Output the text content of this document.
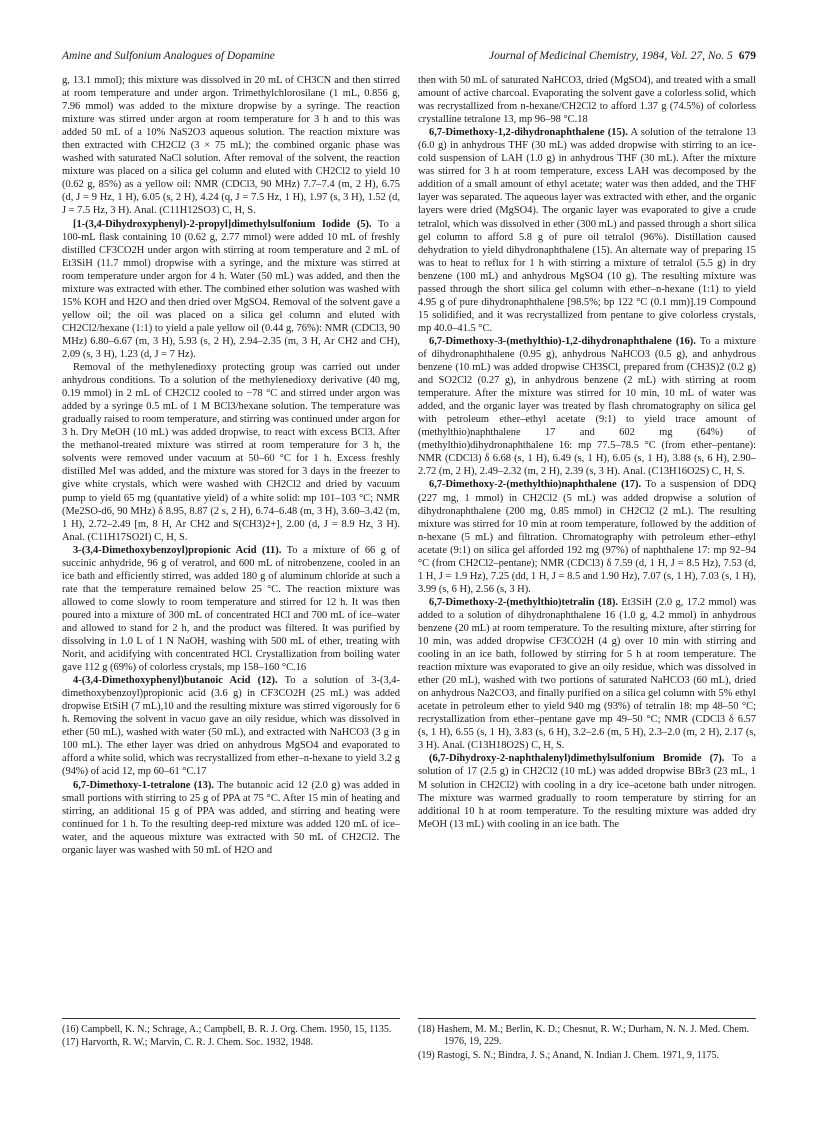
Amine and Sulfonium Analogues of Dopamine	Journal of Medicinal Chemistry, 1984, Vol. 27, No. 5 679

g, 13.1 mmol); this mixture was dissolved in 20 mL of CH3CN and then stirred at room temperature and under argon. Trimethylchlorosilane (1 mL, 0.856 g, 7.96 mmol) was added to the mixture dropwise by a syringe. The reaction mixture was stirred under argon at room temperature for 3 h and to this was added 50 mL of a 10% NaS2O3 aqueous solution. The reaction mixture was then extracted with CH2Cl2 (3 × 75 mL); the combined organic phase was washed with saturated NaCl solution. After removal of the solvent, the reaction mixture was placed on a silica gel column and eluted with CH2Cl2 to yield 10 (0.62 g, 85%) as a yellow oil: NMR (CDCl3, 90 MHz) 7.7–7.4 (m, 2 H), 6.75 (d, J = 9 Hz, 1 H), 6.05 (s, 2 H), 4.24 (q, J = 7.5 Hz, 1 H), 1.97 (s, 3 H), 1.52 (d, J = 7.5 Hz, 3 H). Anal. (C11H12SO3) C, H, S.

[1-(3,4-Dihydroxyphenyl)-2-propyl]dimethylsulfonium Iodide (5). To a 100-mL flask containing 10 (0.62 g, 2.77 mmol) were added 10 mL of freshly distilled CF3CO2H under argon with stirring at room temperature and 2 mL of Et3SiH (11.7 mmol) dropwise with a syringe, and the mixture was stirred at room temperature under argon for 4 h. Water (50 mL) was added, and then the mixture was extracted with ether. The combined ether solution was washed with 15% KOH and H2O and then dried over MgSO4. Removal of the solvent gave a yellow oil; the oil was placed on a silica gel column and eluted with CH2Cl2/hexane (1:1) to yield a pale yellow oil (0.44 g, 76%): NMR (CDCl3, 90 MHz) 6.80–6.67 (m, 3 H), 5.93 (s, 2 H), 2.94–2.35 (m, 3 H, Ar CH2 and CH), 2.09 (s, 3 H), 1.23 (d, J = 7 Hz).

Removal of the methylenedioxy protecting group was carried out under anhydrous conditions. To a solution of the methylenedioxy derivative (40 mg, 0.19 mmol) in 2 mL of CH2Cl2 cooled to −78 °C and stirred under argon was added by a syringe 0.5 mL of 1 M BCl3/hexane solution. The temperature was gradually raised to room temperature, and stirring was continued under argon for 3 h. Dry MeOH (10 mL) was added dropwise, to react with excess BCl3. After the methanol-treated mixture was stirred at room temperature for 3 h, the solvents were removed under vacuum at 50–60 °C for 1 h. Excess freshly distilled MeI was added, and the mixture was stored for 3 days in the freezer to give white crystals, which were washed with CH2Cl2 and dried by vacuum pump to yield 65 mg (quantative yield) of a white solid: mp 101–103 °C; NMR (Me2SO-d6, 90 MHz) δ 8.95, 8.87 (2 s, 2 H), 6.74–6.48 (m, 3 H), 3.60–3.42 (m, 1 H), 2.72–2.49 [m, 8 H, Ar CH2 and S(CH3)2+], 2.00 (d, J = 8.9 Hz, 3 H). Anal. (C11H17SO2I) C, H, S.

3-(3,4-Dimethoxybenzoyl)propionic Acid (11). To a mixture of 66 g of succinic anhydride, 96 g of veratrol, and 600 mL of nitrobenzene, cooled in an ice bath and efficiently stirred, was added 180 g of aluminum chloride at such a rate that the temperature remained below 25 °C. The reaction mixture was allowed to come slowly to room temperature and stirred for 12 h. It was then poured into a mixture of 300 mL of concentrated HCl and 700 mL of ice–water and allowed to stand for 2 h, and the product was filtered. It was purified by dissolving in 1.0 L of 1 N NaOH, washing with 500 mL of ether, treating with Norit, and acidifying with concentrated HCl. Crystallization from boiling water gave 112 g (69%) of colorless crystals, mp 158–160 °C.16

4-(3,4-Dimethoxyphenyl)butanoic Acid (12). To a solution of 3-(3,4-dimethoxybenzoyl)propionic acid (3.6 g) in CF3CO2H (25 mL) was added dropwise EtSiH (7 mL),10 and the resulting mixture was stirred vigorously for 6 h. Removing the solvent in vacuo gave an oily residue, which was dissolved in ether (50 mL), washed with water (50 mL), and extracted with NaHCO3 (3 g in 100 mL). The ether layer was dried on anhydrous MgSO4 and evaporated to afford a white solid, which was recrystallized from ether–n-hexane to yield 3.2 g (94%) of acid 12, mp 60–61 °C.17

6,7-Dimethoxy-1-tetralone (13). The butanoic acid 12 (2.0 g) was added in small portions with stirring to 25 g of PPA at 75 °C. After 15 min of heating and stirring, an additional 15 g of PPA was added, and stirring and heating were continued for 1 h. To the resulting deep-red mixture was added 120 mL of ice–water, and the aqueous mixture was extracted with 50 mL of CH2Cl2. The organic layer was washed with 50 mL of H2O and

then with 50 mL of saturated NaHCO3, dried (MgSO4), and treated with a small amount of active charcoal. Evaporating the solvent gave a colorless solid, which was recrystallized from n-hexane/CH2Cl2 to afford 1.37 g (74.5%) of colorless crystalline tetralone 13, mp 96–98 °C.18

6,7-Dimethoxy-1,2-dihydronaphthalene (15). A solution of the tetralone 13 (6.0 g) in anhydrous THF (30 mL) was added dropwise with stirring to an ice-cold suspension of LAH (1.0 g) in anhydrous THF (30 mL). After the mixture was stirred for 3 h at room temperature, excess LAH was decomposed by the addition of a small amount of ethyl acetate; water was then added, and the THF layer was separated. The aqueous layer was extracted with ether, and the organic layers were dried (MgSO4). The organic layer was evaporated to give a crude tetralol, which was dissolved in ether (300 mL) and passed through a short silica gel column to afford 5.8 g of pure oil tetralol (96%). Distillation caused dehydration to yield dihydronaphthalene (15). An alternate way of preparing 15 was to heat to reflux for 1 h with stirring a mixture of tetralol (5.5 g) in dry benzene (100 mL) and anhydrous MgSO4 (10 g). The resulting mixture was passed through the short silica gel column with ether–n-hexane (1:1) to yield 4.95 g of pure dihydronaphthalene [98.5%; bp 122 °C (0.1 mm)].19 Compound 15 solidified, and it was recrystallized from pentane to give colorless crystals, mp 40.0–41.5 °C.

6,7-Dimethoxy-3-(methylthio)-1,2-dihydronaphthalene (16). To a mixture of dihydronaphthalene (0.95 g), anhydrous NaHCO3 (0.5 g), and anhydrous benzene (10 mL) was added dropwise CH3SCl, prepared from (CH3S)2 (0.2 g) and SO2Cl2 (0.27 g), in anhydrous benzene (2 mL) with stirring at room temperature. After the mixture was stirred for 10 min, 10 mL of water was added, and the organic layer was treated by flash chromatography on silica gel with petroleum ether–ethyl acetate (9:1) to yield trace amount of (methylthio)naphthalene 17 and 602 mg (64%) of (methylthio)dihydronaphthalene 16: mp 77.5–78.5 °C (from ether–pentane): NMR (CDCl3) δ 6.68 (s, 1 H), 6.49 (s, 1 H), 6.05 (s, 1 H), 3.88 (s, 6 H), 2.90–2.72 (m, 2 H), 2.49–2.32 (m, 2 H), 2.39 (s, 3 H). Anal. (C13H16O2S) C, H, S.

6,7-Dimethoxy-2-(methylthio)naphthalene (17). To a suspension of DDQ (227 mg, 1 mmol) in CH2Cl2 (5 mL) was added dropwise a solution of dihydronaphthalene (200 mg, 0.85 mmol) in CH2Cl2 (2 mL). The resulting mixture was stirred for 10 min at room temperature, followed by the addition of n-hexane (5 mL) and filtration. Chromatography with petroleum ether–ethyl acetate (9:1) on silica gel afforded 192 mg (97%) of naphthalene 17: mp 92–94 °C (from CH2Cl2–pentane); NMR (CDCl3) δ 7.59 (d, 1 H, J = 8.5 Hz), 7.53 (d, 1 H, J = 1.9 Hz), 7.25 (dd, 1 H, J = 8.5 and 1.90 Hz), 7.07 (s, 1 H), 7.03 (s, 1 H), 3.99 (s, 6 H), 2.56 (s, 3 H).

6,7-Dimethoxy-2-(methylthio)tetralin (18). Et3SiH (2.0 g, 17.2 mmol) was added to a solution of dihydronaphthalene 16 (1.0 g, 4.2 mmol) in anhydrous benzene (20 mL) at room temperature. To the resulting mixture, after stirring for 10 min, was added dropwise CF3CO2H (4 g) over 10 min with stirring and cooling in an ice bath, followed by stirring for 5 h at room temperature. The reaction mixture was evaporated to give an oily residue, which was dissolved in ether (20 mL), washed with two portions of saturated NaHCO3 (60 mL), dried on anhydrous Na2CO3, and finally purified on a silica gel column with 5% ethyl acetate in petroleum ether to yield 940 mg (93%) of tetralin 18: mp 48–50 °C; recrystallization from ether–pentane gave mp 49–50 °C; NMR (CDCl3 δ 6.57 (s, 1 H), 6.55 (s, 1 H), 3.83 (s, 6 H), 3.2–2.6 (m, 5 H), 2.3–2.0 (m, 2 H), 2.17 (s, 3 H). Anal. (C13H18O2S) C, H, S.

(6,7-Dihydroxy-2-naphthalenyl)dimethylsulfonium Bromide (7). To a solution of 17 (2.5 g) in CH2Cl2 (10 mL) was added dropwise BBr3 (23 mL, 1 M solution in CH2Cl2) with cooling in a dry ice–acetone bath under nitrogen. The mixture was warmed gradually to room temperature by stirring for an additional 10 h at room temperature. To the resulting mixture was added dry MeOH (13 mL) with cooling in an ice bath. The

(16) Campbell, K. N.; Schrage, A.; Campbell, B. R. J. Org. Chem. 1950, 15, 1135.
(17) Harvorth, R. W.; Marvin, C. R. J. Chem. Soc. 1932, 1948.
(18) Hashem, M. M.; Berlin, K. D.; Chesnut, R. W.; Durham, N. N. J. Med. Chem. 1976, 19, 229.
(19) Rastogi, S. N.; Bindra, J. S.; Anand, N. Indian J. Chem. 1971, 9, 1175.
